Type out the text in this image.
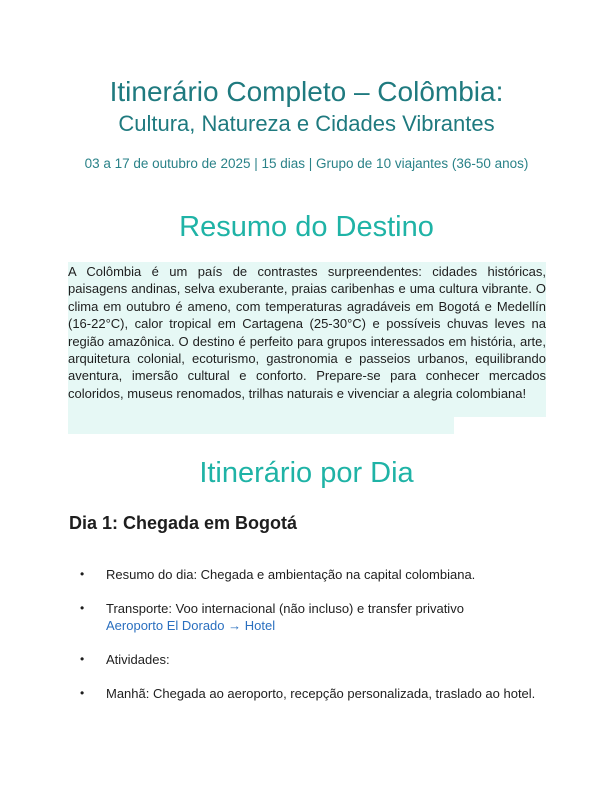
Itinerário Completo – Colômbia:
Cultura, Natureza e Cidades Vibrantes

03 a 17 de outubro de 2025 | 15 dias | Grupo de 10 viajantes (36-50 anos)

Resumo do Destino

A Colômbia é um país de contrastes surpreendentes: cidades históricas, paisagens andinas, selva exuberante, praias caribenhas e uma cultura vibrante. O clima em outubro é ameno, com temperaturas agradáveis em Bogotá e Medellín (16-22°C), calor tropical em Cartagena (25-30°C) e possíveis chuvas leves na região amazônica. O destino é perfeito para grupos interessados em história, arte, arquitetura colonial, ecoturismo, gastronomia e passeios urbanos, equilibrando aventura, imersão cultural e conforto. Prepare-se para conhecer mercados coloridos, museus renomados, trilhas naturais e vivenciar a alegria colombiana!

Itinerário por Dia
Dia 1: Chegada em Bogotá
• Resumo do dia: Chegada e ambientação na capital colombiana.
• Transporte: Voo internacional (não incluso) e transfer privativo
Aeroporto El Dorado → Hotel
• Atividades:
• Manhã: Chegada ao aeroporto, recepção personalizada, traslado ao hotel.
